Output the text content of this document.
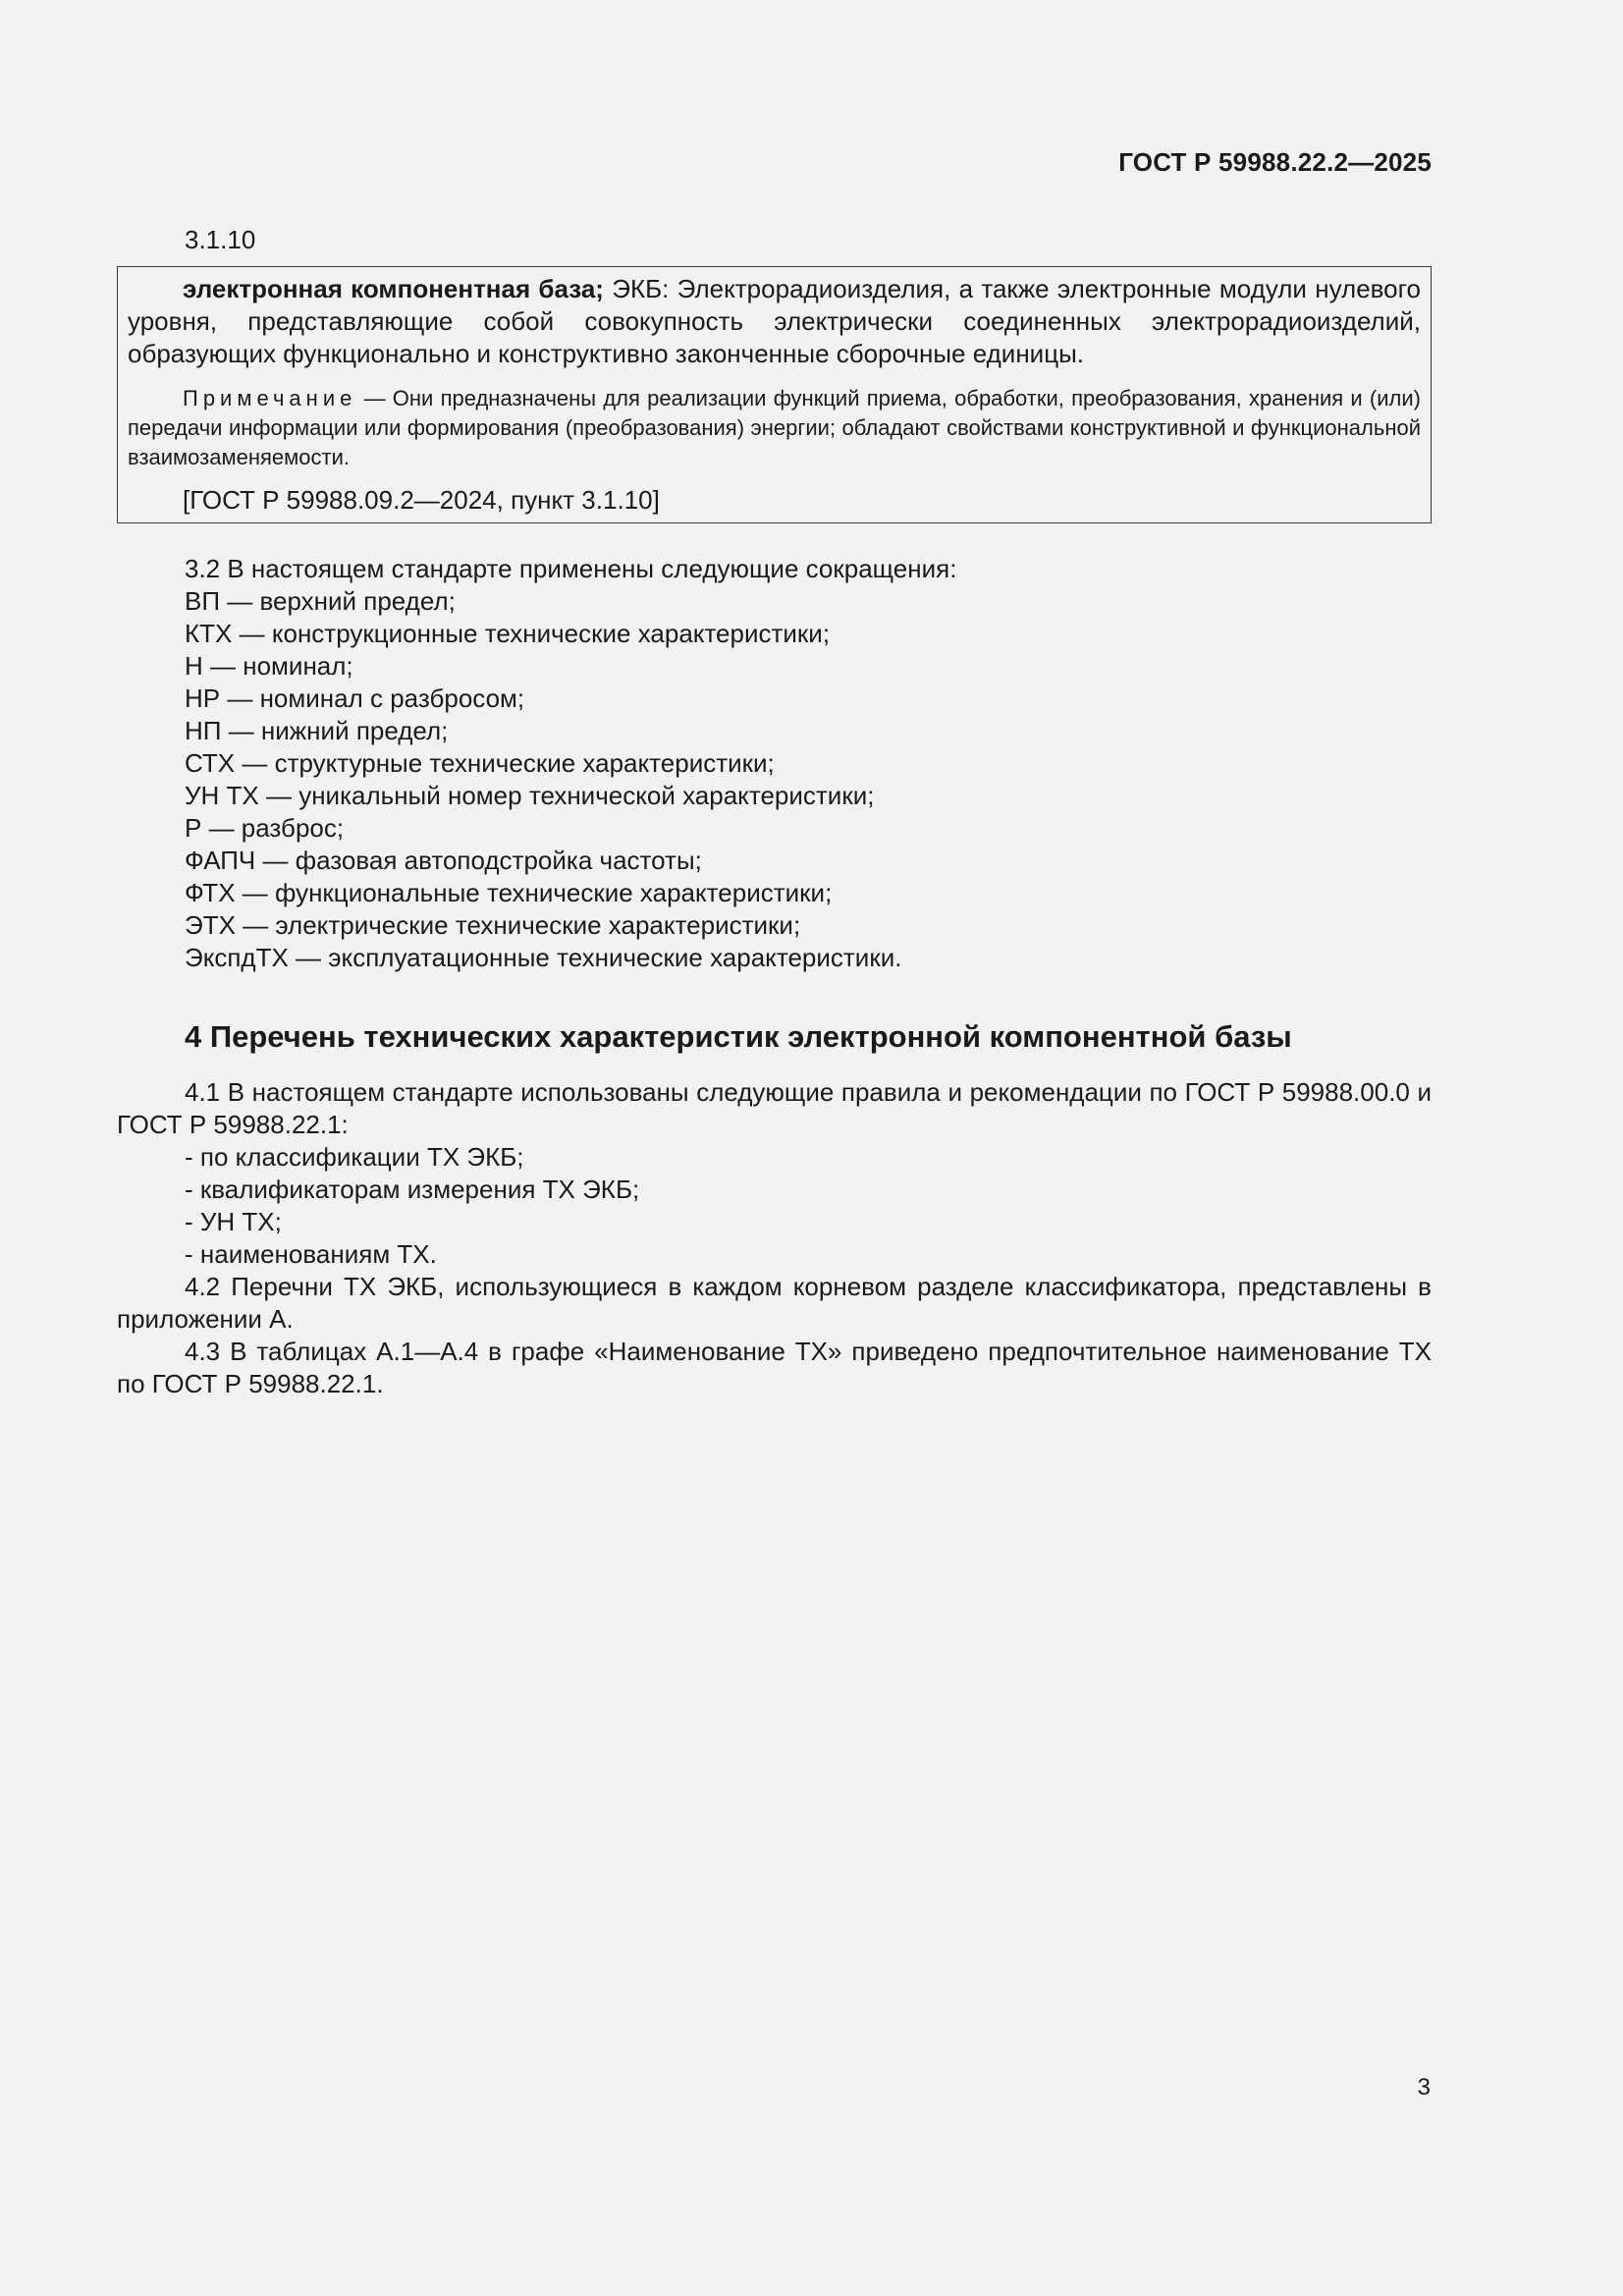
ГОСТ Р 59988.22.2—2025

3.1.10

электронная компонентная база; ЭКБ: Электрорадиоизделия, а также электронные модули нулевого уровня, представляющие собой совокупность электрически соединенных электрорадиоизделий, образующих функционально и конструктивно законченные сборочные единицы.

Примечание — Они предназначены для реализации функций приема, обработки, преобразования, хранения и (или) передачи информации или формирования (преобразования) энергии; обладают свойствами конструктивной и функциональной взаимозаменяемости.

[ГОСТ Р 59988.09.2—2024, пункт 3.1.10]

3.2 В настоящем стандарте применены следующие сокращения:

ВП — верхний предел;

КТХ — конструкционные технические характеристики;

Н — номинал;

НР — номинал с разбросом;

НП — нижний предел;

СТХ — структурные технические характеристики;

УН ТХ — уникальный номер технической характеристики;

Р — разброс;

ФАПЧ — фазовая автоподстройка частоты;

ФТХ — функциональные технические характеристики;

ЭТХ — электрические технические характеристики;

ЭкспдТХ — эксплуатационные технические характеристики.

4 Перечень технических характеристик электронной компонентной базы

4.1 В настоящем стандарте использованы следующие правила и рекомендации по ГОСТ Р 59988.00.0 и ГОСТ Р 59988.22.1:

- по классификации ТХ ЭКБ;

- квалификаторам измерения ТХ ЭКБ;

- УН ТХ;

- наименованиям ТХ.

4.2 Перечни ТХ ЭКБ, использующиеся в каждом корневом разделе классификатора, представлены в приложении А.

4.3 В таблицах А.1—А.4 в графе «Наименование ТХ» приведено предпочтительное наименование ТХ по ГОСТ Р 59988.22.1.

3
